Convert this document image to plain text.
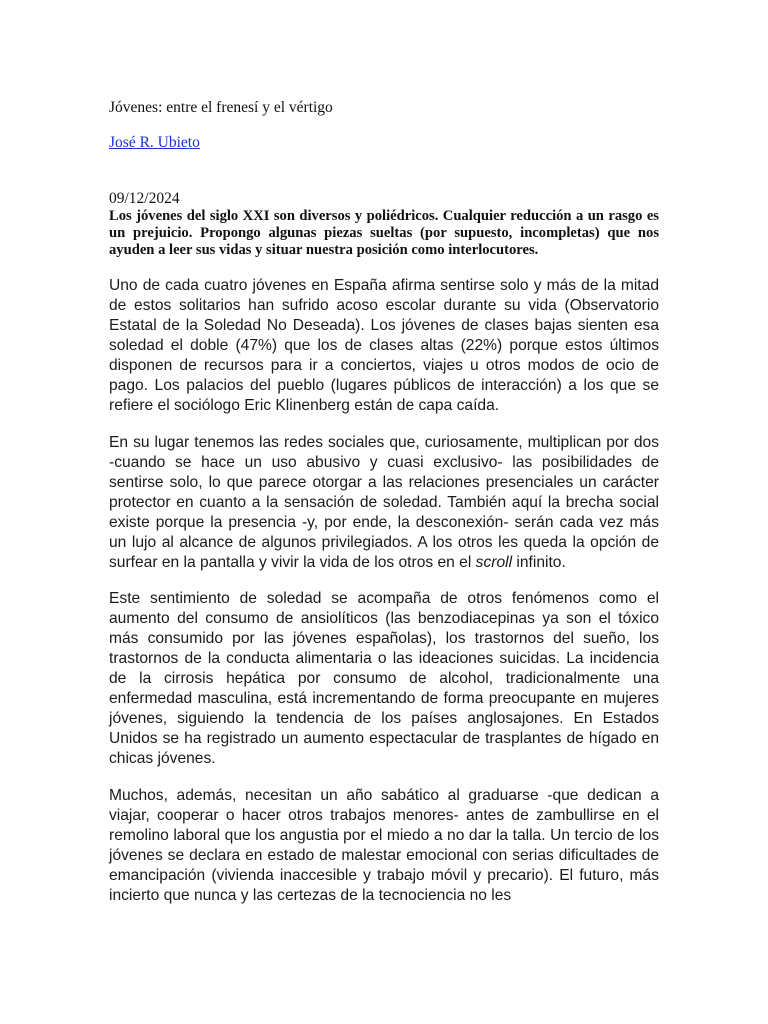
Jóvenes: entre el frenesí y el vértigo
José R. Ubieto
09/12/2024

Los jóvenes del siglo XXI son diversos y poliédricos. Cualquier reducción a un rasgo es un prejuicio. Propongo algunas piezas sueltas (por supuesto, incompletas) que nos ayuden a leer sus vidas y situar nuestra posición como interlocutores.

Uno de cada cuatro jóvenes en España afirma sentirse solo y más de la mitad de estos solitarios han sufrido acoso escolar durante su vida (Observatorio Estatal de la Soledad No Deseada). Los jóvenes de clases bajas sienten esa soledad el doble (47%) que los de clases altas (22%) porque estos últimos disponen de recursos para ir a conciertos, viajes u otros modos de ocio de pago. Los palacios del pueblo (lugares públicos de interacción) a los que se refiere el sociólogo Eric Klinenberg están de capa caída.

En su lugar tenemos las redes sociales que, curiosamente, multiplican por dos -cuando se hace un uso abusivo y cuasi exclusivo- las posibilidades de sentirse solo, lo que parece otorgar a las relaciones presenciales un carácter protector en cuanto a la sensación de soledad. También aquí la brecha social existe porque la presencia -y, por ende, la desconexión- serán cada vez más un lujo al alcance de algunos privilegiados. A los otros les queda la opción de surfear en la pantalla y vivir la vida de los otros en el scroll infinito.

Este sentimiento de soledad se acompaña de otros fenómenos como el aumento del consumo de ansiolíticos (las benzodiacepinas ya son el tóxico más consumido por las jóvenes españolas), los trastornos del sueño, los trastornos de la conducta alimentaria o las ideaciones suicidas. La incidencia de la cirrosis hepática por consumo de alcohol, tradicionalmente una enfermedad masculina, está incrementando de forma preocupante en mujeres jóvenes, siguiendo la tendencia de los países anglosajones. En Estados Unidos se ha registrado un aumento espectacular de trasplantes de hígado en chicas jóvenes.

Muchos, además, necesitan un año sabático al graduarse -que dedican a viajar, cooperar o hacer otros trabajos menores- antes de zambullirse en el remolino laboral que los angustia por el miedo a no dar la talla. Un tercio de los jóvenes se declara en estado de malestar emocional con serias dificultades de emancipación (vivienda inaccesible y trabajo móvil y precario). El futuro, más incierto que nunca y las certezas de la tecnociencia no les
